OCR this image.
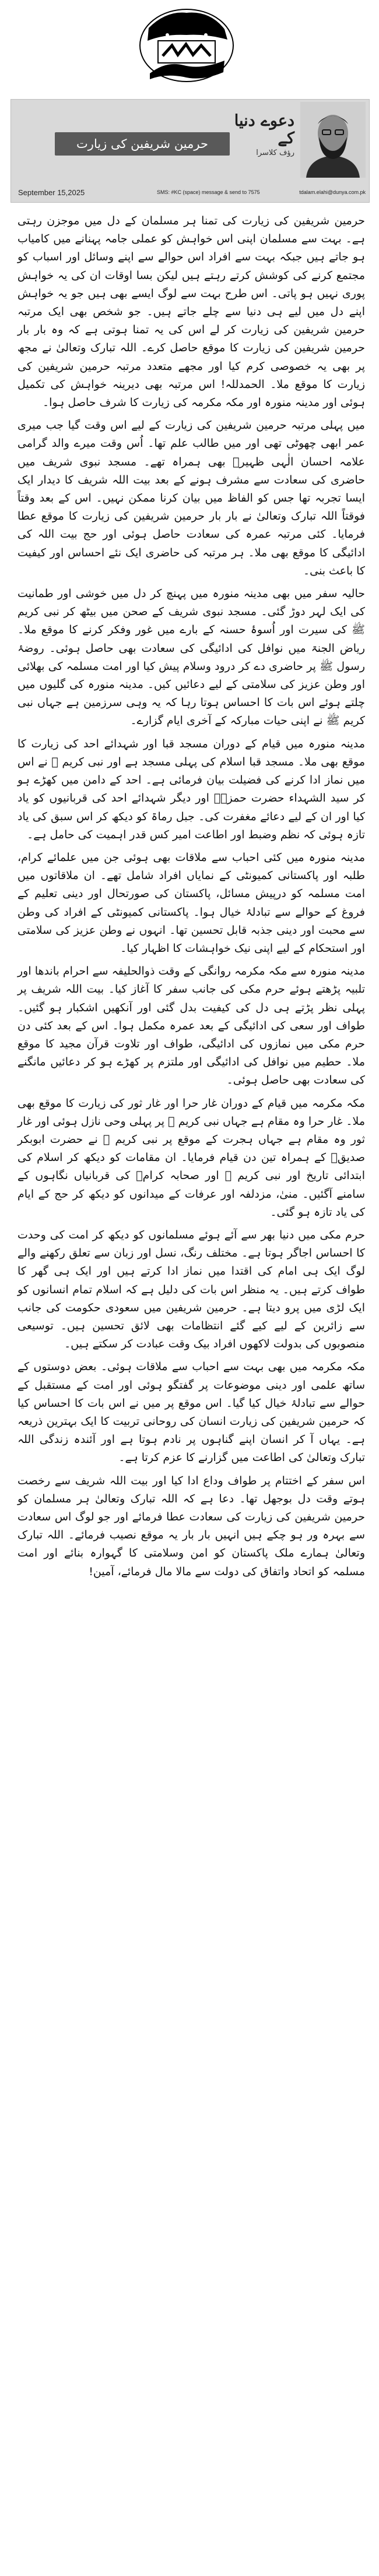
حرمین شریفین کی زیارت
دعوے دنیا کے
رؤف کلاسرا
September 15,2025	SMS: #KC (space) message & send to 7575	tdalam.elahi@dunya.com.pk

حرمین شریفین کی زیارت کی تمنا ہر مسلمان کے دل میں موجزن رہتی ہے۔ بہت سے مسلمان اپنی اس خواہش کو عملی جامہ پہنانے میں کامیاب ہو جاتے ہیں جبکہ بہت سے افراد اس حوالے سے اپنے وسائل اور اسباب کو مجتمع کرنے کی کوشش کرتے رہتے ہیں لیکن بسا اوقات ان کی یہ خواہش پوری نہیں ہو پاتی۔ اس طرح بہت سے لوگ ایسے بھی ہیں جو یہ خواہش اپنے دل میں لیے ہی دنیا سے چلے جاتے ہیں۔ جو شخص بھی ایک مرتبہ حرمین شریفین کی زیارت کر لے اس کی یہ تمنا ہوتی ہے کہ وہ بار بار حرمین شریفین کی زیارت کا موقع حاصل کرے۔ اللہ تبارک وتعالیٰ نے مجھ پر بھی یہ خصوصی کرم کیا اور مجھے متعدد مرتبہ حرمین شریفین کی زیارت کا موقع ملا۔ الحمدللہ! اس مرتبہ بھی دیرینہ خواہش کی تکمیل ہوئی اور مدینہ منورہ اور مکہ مکرمہ کی زیارت کا شرف حاصل ہوا۔

میں پہلی مرتبہ حرمین شریفین کی زیارت کے لیے اس وقت گیا جب میری عمر ابھی چھوٹی تھی اور میں طالب علم تھا۔ اُس وقت میرے والد گرامی علامہ احسان الٰہی ظہیرؒ بھی ہمراہ تھے۔ مسجد نبوی شریف میں حاضری کی سعادت سے مشرف ہونے کے بعد بیت اللہ شریف کا دیدار ایک ایسا تجربہ تھا جس کو الفاظ میں بیان کرنا ممکن نہیں۔ اس کے بعد وقتاً فوقتاً اللہ تبارک وتعالیٰ نے بار بار حرمین شریفین کی زیارت کا موقع عطا فرمایا۔ کئی مرتبہ عمرہ کی سعادت حاصل ہوئی اور حج بیت اللہ کی ادائیگی کا موقع بھی ملا۔ ہر مرتبہ کی حاضری ایک نئے احساس اور کیفیت کا باعث بنی۔

حالیہ سفر میں بھی مدینہ منورہ میں پہنچ کر دل میں خوشی اور طمانیت کی ایک لہر دوڑ گئی۔ مسجد نبوی شریف کے صحن میں بیٹھ کر نبی کریم ﷺ کی سیرت اور اُسوۂ حسنہ کے بارے میں غور وفکر کرنے کا موقع ملا۔ ریاض الجنۃ میں نوافل کی ادائیگی کی سعادت بھی حاصل ہوئی۔ روضۂ رسول ﷺ پر حاضری دے کر درود وسلام پیش کیا اور امت مسلمہ کی بھلائی اور وطن عزیز کی سلامتی کے لیے دعائیں کیں۔ مدینہ منورہ کی گلیوں میں چلتے ہوئے اس بات کا احساس ہوتا رہا کہ یہ وہی سرزمین ہے جہاں نبی کریم ﷺ نے اپنی حیات مبارکہ کے آخری ایام گزارے۔

مدینہ منورہ میں قیام کے دوران مسجد قبا اور شہدائے احد کی زیارت کا موقع بھی ملا۔ مسجد قبا اسلام کی پہلی مسجد ہے اور نبی کریم ﷺ نے اس میں نماز ادا کرنے کی فضیلت بیان فرمائی ہے۔ احد کے دامن میں کھڑے ہو کر سید الشہداء حضرت حمزہؓ اور دیگر شہدائے احد کی قربانیوں کو یاد کیا اور ان کے لیے دعائے مغفرت کی۔ جبل رماۃ کو دیکھ کر اس سبق کی یاد تازہ ہوئی کہ نظم وضبط اور اطاعت امیر کس قدر اہمیت کی حامل ہے۔

مدینہ منورہ میں کئی احباب سے ملاقات بھی ہوئی جن میں علمائے کرام، طلبہ اور پاکستانی کمیونٹی کے نمایاں افراد شامل تھے۔ ان ملاقاتوں میں امت مسلمہ کو درپیش مسائل، پاکستان کی صورتحال اور دینی تعلیم کے فروغ کے حوالے سے تبادلۂ خیال ہوا۔ پاکستانی کمیونٹی کے افراد کی وطن سے محبت اور دینی جذبہ قابل تحسین تھا۔ انہوں نے وطن عزیز کی سلامتی اور استحکام کے لیے اپنی نیک خواہشات کا اظہار کیا۔

مدینہ منورہ سے مکہ مکرمہ روانگی کے وقت ذوالحلیفہ سے احرام باندھا اور تلبیہ پڑھتے ہوئے حرم مکی کی جانب سفر کا آغاز کیا۔ بیت اللہ شریف پر پہلی نظر پڑتے ہی دل کی کیفیت بدل گئی اور آنکھیں اشکبار ہو گئیں۔ طواف اور سعی کی ادائیگی کے بعد عمرہ مکمل ہوا۔ اس کے بعد کئی دن حرم مکی میں نمازوں کی ادائیگی، طواف اور تلاوت قرآن مجید کا موقع ملا۔ حطیم میں نوافل کی ادائیگی اور ملتزم پر کھڑے ہو کر دعائیں مانگنے کی سعادت بھی حاصل ہوئی۔

مکہ مکرمہ میں قیام کے دوران غار حرا اور غار ثور کی زیارت کا موقع بھی ملا۔ غار حرا وہ مقام ہے جہاں نبی کریم ﷺ پر پہلی وحی نازل ہوئی اور غار ثور وہ مقام ہے جہاں ہجرت کے موقع پر نبی کریم ﷺ نے حضرت ابوبکر صدیقؓ کے ہمراہ تین دن قیام فرمایا۔ ان مقامات کو دیکھ کر اسلام کی ابتدائی تاریخ اور نبی کریم ﷺ اور صحابہ کرامؓ کی قربانیاں نگاہوں کے سامنے آگئیں۔ منیٰ، مزدلفہ اور عرفات کے میدانوں کو دیکھ کر حج کے ایام کی یاد تازہ ہو گئی۔

حرم مکی میں دنیا بھر سے آئے ہوئے مسلمانوں کو دیکھ کر امت کی وحدت کا احساس اجاگر ہوتا ہے۔ مختلف رنگ، نسل اور زبان سے تعلق رکھنے والے لوگ ایک ہی امام کی اقتدا میں نماز ادا کرتے ہیں اور ایک ہی گھر کا طواف کرتے ہیں۔ یہ منظر اس بات کی دلیل ہے کہ اسلام تمام انسانوں کو ایک لڑی میں پرو دیتا ہے۔ حرمین شریفین میں سعودی حکومت کی جانب سے زائرین کے لیے کیے گئے انتظامات بھی لائق تحسین ہیں۔ توسیعی منصوبوں کی بدولت لاکھوں افراد بیک وقت عبادت کر سکتے ہیں۔

مکہ مکرمہ میں بھی بہت سے احباب سے ملاقات ہوئی۔ بعض دوستوں کے ساتھ علمی اور دینی موضوعات پر گفتگو ہوئی اور امت کے مستقبل کے حوالے سے تبادلۂ خیال کیا گیا۔ اس موقع پر میں نے اس بات کا احساس کیا کہ حرمین شریفین کی زیارت انسان کی روحانی تربیت کا ایک بہترین ذریعہ ہے۔ یہاں آ کر انسان اپنے گناہوں پر نادم ہوتا ہے اور آئندہ زندگی اللہ تبارک وتعالیٰ کی اطاعت میں گزارنے کا عزم کرتا ہے۔

اس سفر کے اختتام پر طواف وداع ادا کیا اور بیت اللہ شریف سے رخصت ہوتے وقت دل بوجھل تھا۔ دعا ہے کہ اللہ تبارک وتعالیٰ ہر مسلمان کو حرمین شریفین کی زیارت کی سعادت عطا فرمائے اور جو لوگ اس سعادت سے بہرہ ور ہو چکے ہیں انہیں بار بار یہ موقع نصیب فرمائے۔ اللہ تبارک وتعالیٰ ہمارے ملک پاکستان کو امن وسلامتی کا گہوارہ بنائے اور امت مسلمہ کو اتحاد واتفاق کی دولت سے مالا مال فرمائے، آمین!
